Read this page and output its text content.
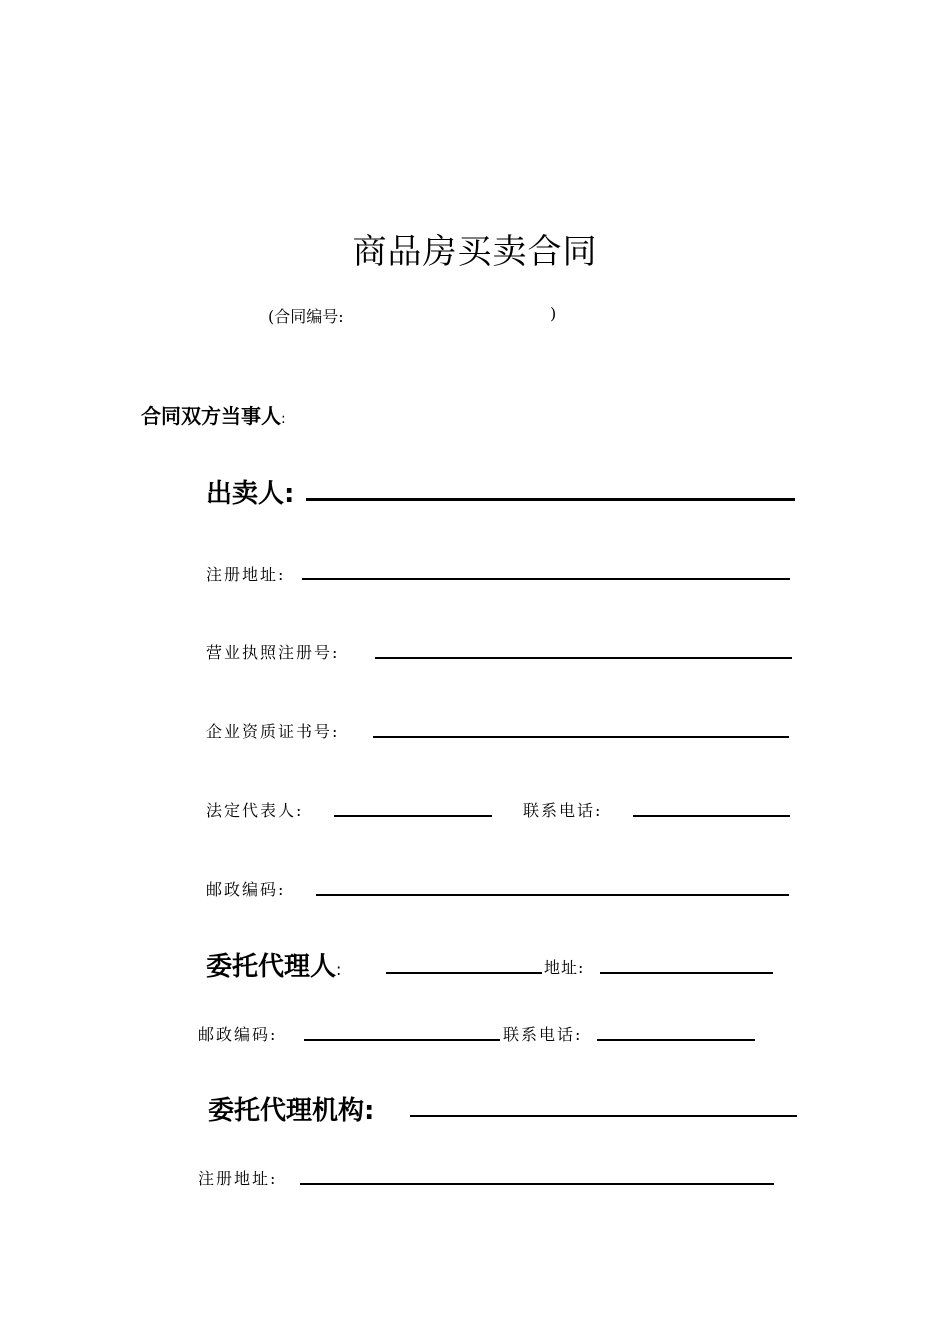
商品房买卖合同
(合同编号:	)
合同双方当事人:
出卖人:
注册地址:
营业执照注册号:
企业资质证书号:
法定代表人:	联系电话:
邮政编码:
委托代理人:	地址:
邮政编码:	联系电话:
委托代理机构:
注册地址:
